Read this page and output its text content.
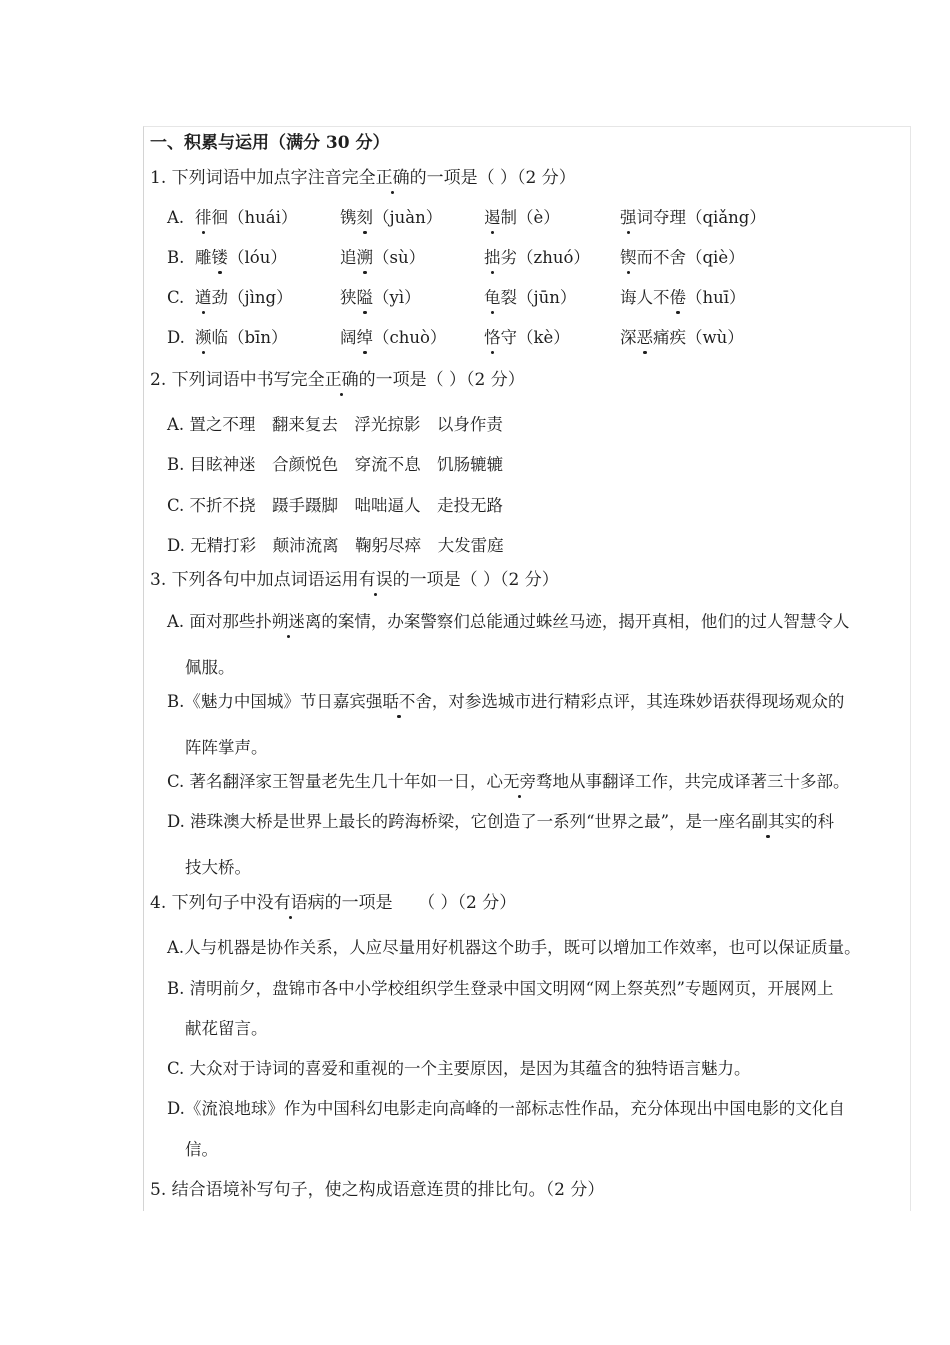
一、积累与运用（满分 30 分）
1. 下列词语中加点字注音完全正确的一项是（ ）（2 分）
A. 徘徊（huái）	镌刻（juàn）	遏制（è）	强词夺理（qiǎng）
B. 雕镂（lóu）	追溯（sù）	拙劣（zhuó） 锲而不舍（qiè）
C. 遒劲（jìng）	狭隘（yì）	龟裂（jūn）	诲人不倦（huī）
D. 濒临（bīn）	阔绰（chuò） 恪守（kè）	深恶痛疾（wù）
2. 下列词语中书写完全正确的一项是（ ）（2 分）
A. 置之不理　翻来复去　浮光掠影　以身作责
B. 目眩神迷　合颜悦色　穿流不息　饥肠辘辘
C. 不折不挠　蹑手蹑脚　咄咄逼人　走投无路
D. 无精打彩　颠沛流离　鞠躬尽瘁　大发雷庭
3. 下列各句中加点词语运用有误的一项是（ ）（2 分）
A. 面对那些扑朔迷离的案情，办案警察们总能通过蛛丝马迹，揭开真相，他们的过人智慧令人
佩服。
B.《魅力中国城》节日嘉宾强聒不舍，对参选城市进行精彩点评，其连珠妙语获得现场观众的
阵阵掌声。
C. 著名翻泽家王智量老先生几十年如一日，心无旁骛地从事翻译工作，共完成译著三十多部。
D. 港珠澳大桥是世界上最长的跨海桥梁，它创造了一系列“世界之最”，是一座名副其实的科
技大桥。
4. 下列句子中没有语病的一项是　　（ ）（2 分）
A.人与机器是协作关系，人应尽量用好机器这个助手，既可以增加工作效率，也可以保证质量。
B. 清明前夕，盘锦市各中小学校组织学生登录中国文明网“网上祭英烈”专题网页，开展网上
献花留言。
C. 大众对于诗词的喜爱和重视的一个主要原因，是因为其蕴含的独特语言魅力。
D.《流浪地球》作为中国科幻电影走向高峰的一部标志性作品，充分体现出中国电影的文化自
信。
5. 结合语境补写句子，使之构成语意连贯的排比句。（2 分）
